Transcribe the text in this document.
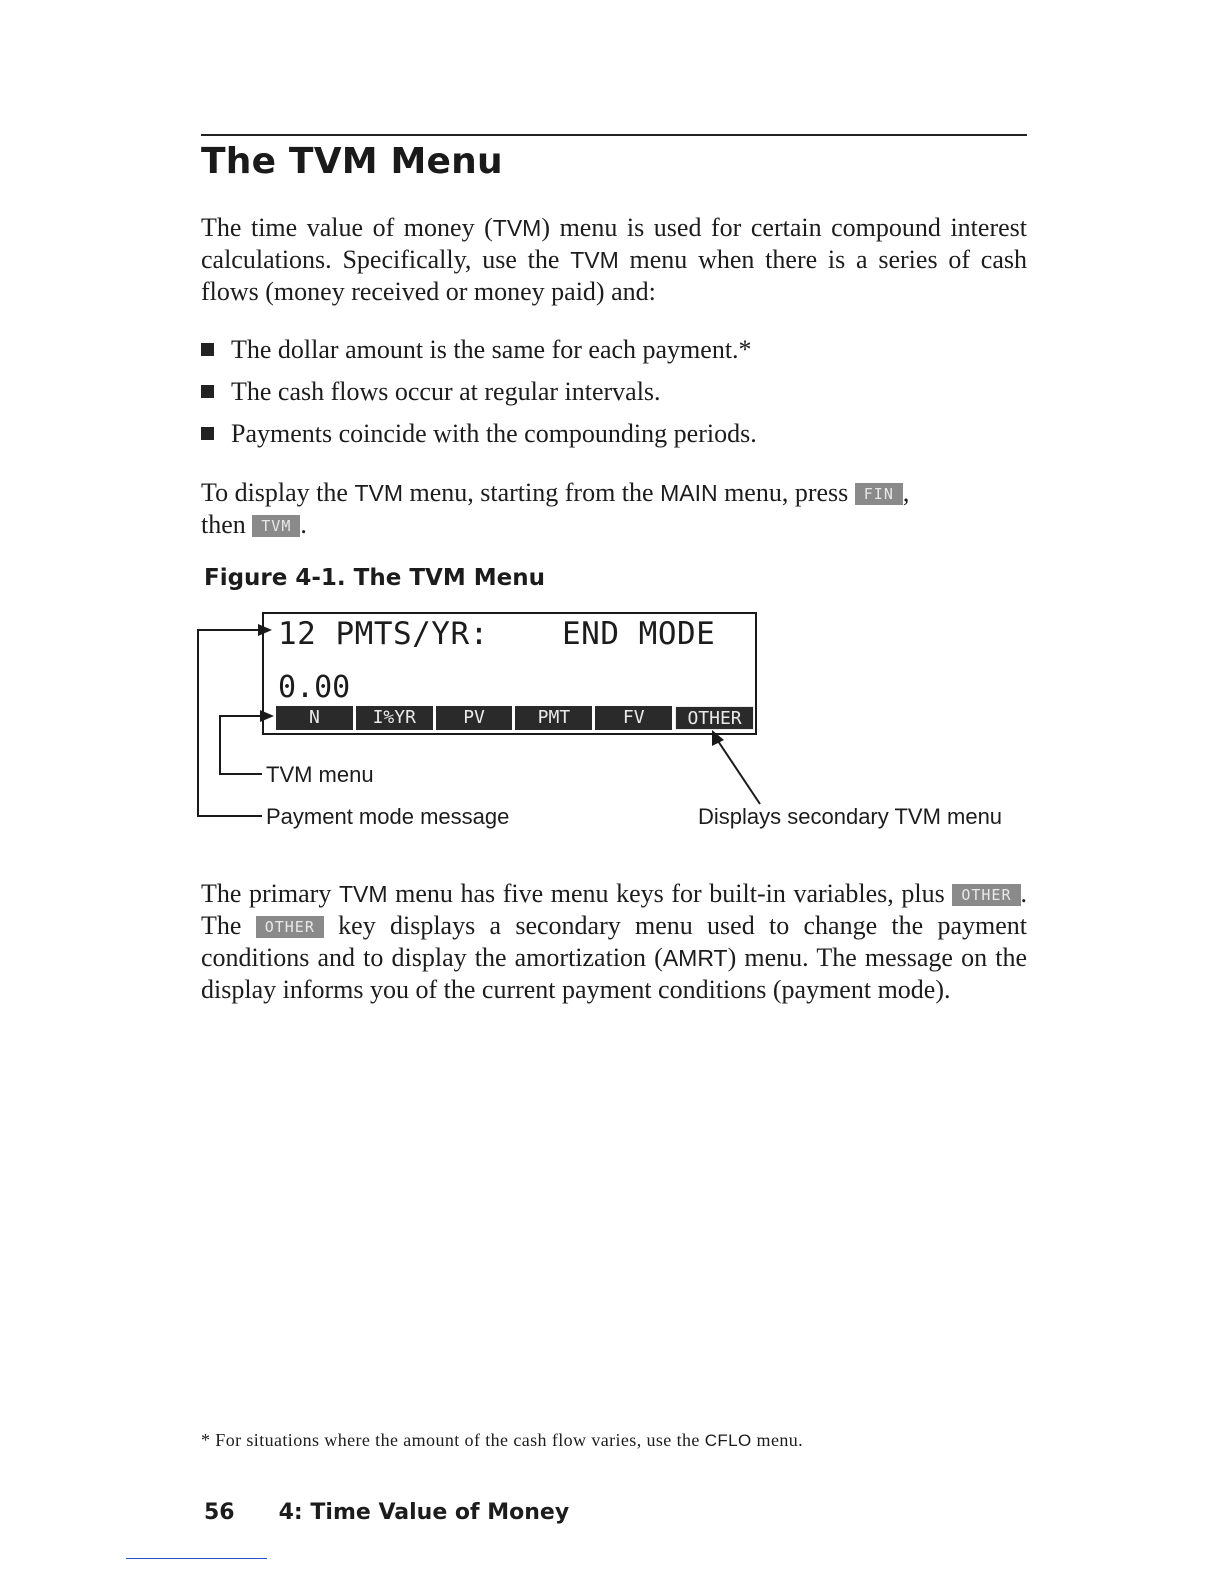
The TVM Menu

The time value of money (TVM) menu is used for certain compound interest calculations. Specifically, use the TVM menu when there is a series of cash flows (money received or money paid) and:

The dollar amount is the same for each payment.*
The cash flows occur at regular intervals.
Payments coincide with the compounding periods.

To display the TVM menu, starting from the MAIN menu, press FIN ,
then TVM .

Figure 4-1. The TVM Menu

12 PMTS/YR: END MODE
0.00
N	I%YR	PV	PMT	FV	OTHER
TVM menu
Payment mode message	Displays secondary TVM menu

The primary TVM menu has five menu keys for built-in variables, plus OTHER . The OTHER key displays a secondary menu used to change the payment conditions and to display the amortization (AMRT) menu. The message on the display informs you of the current payment conditions (payment mode).

* For situations where the amount of the cash flow varies, use the CFLO menu.
56 4: Time Value of Money
